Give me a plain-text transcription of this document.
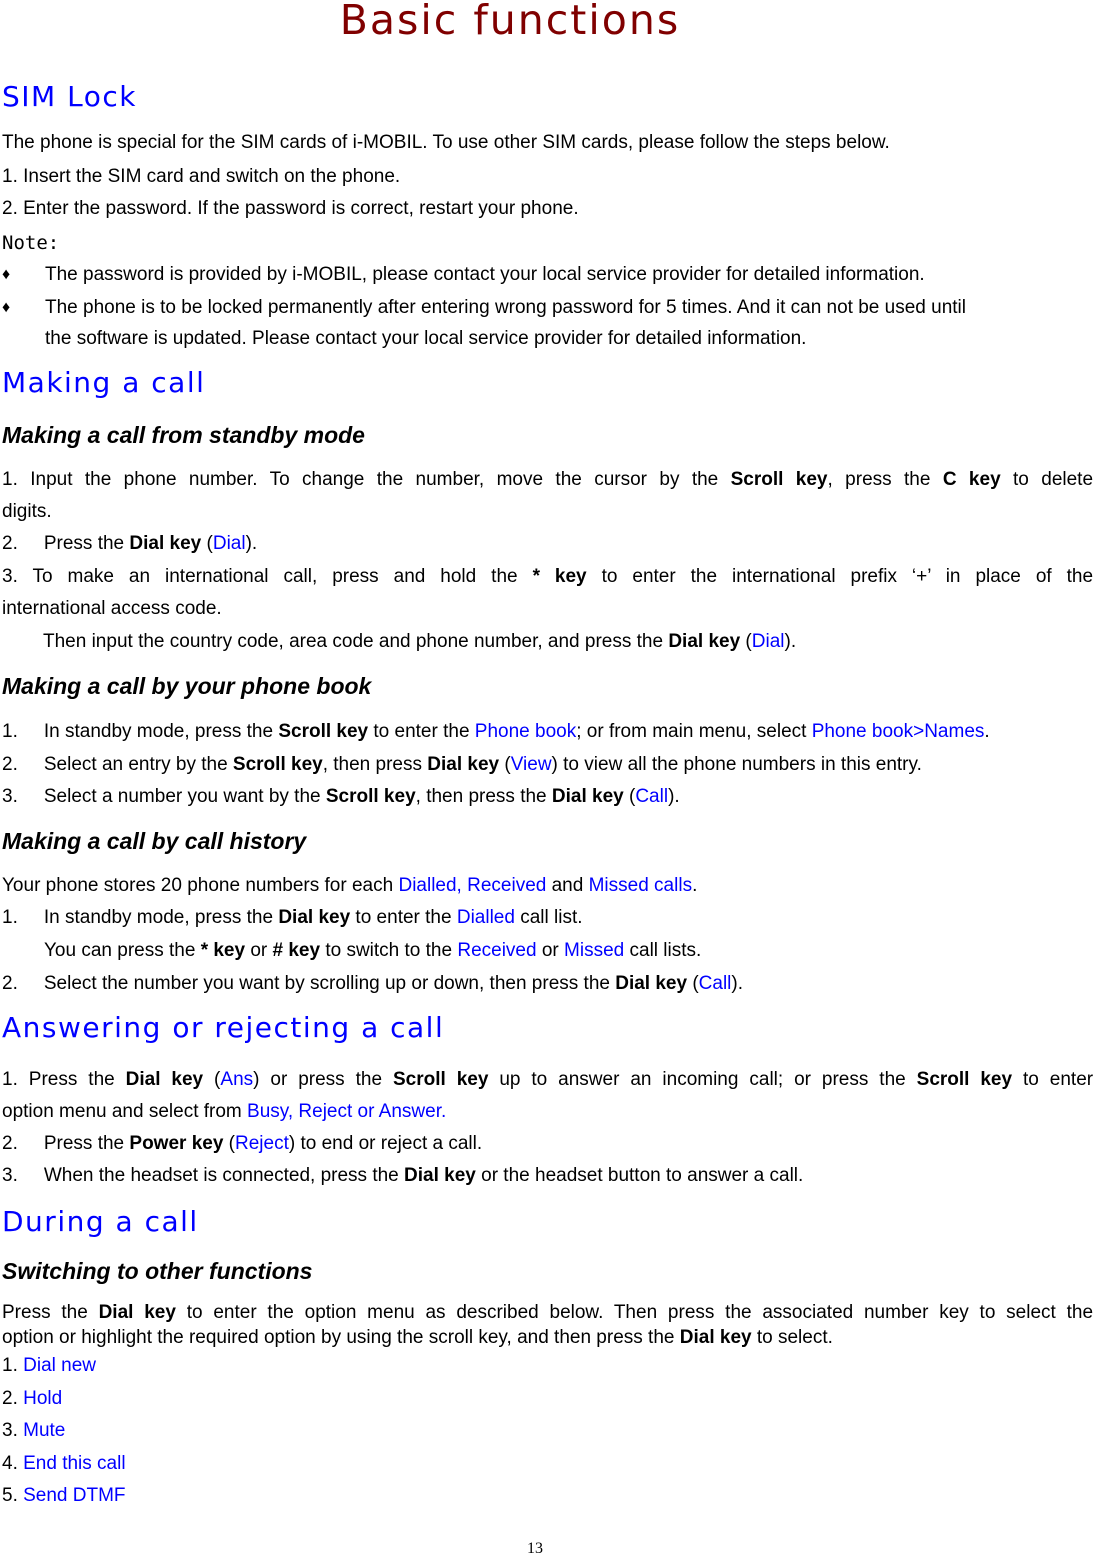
Basic functions
SIM Lock
The phone is special for the SIM cards of i-MOBIL. To use other SIM cards, please follow the steps below.
1. Insert the SIM card and switch on the phone.
2. Enter the password. If the password is correct, restart your phone.
Note:
♦ The password is provided by i-MOBIL, please contact your local service provider for detailed information.
♦ The phone is to be locked permanently after entering wrong password for 5 times. And it can not be used until
the software is updated. Please contact your local service provider for detailed information.
Making a call
Making a call from standby mode
1. Input the phone number. To change the number, move the cursor by the Scroll key, press the C key to delete
digits.
2. Press the Dial key (Dial).
3. To make an international call, press and hold the * key to enter the international prefix ‘+’ in place of the
international access code.
Then input the country code, area code and phone number, and press the Dial key (Dial).
Making a call by your phone book
1. In standby mode, press the Scroll key to enter the Phone book; or from main menu, select Phone book>Names.
2. Select an entry by the Scroll key, then press Dial key (View) to view all the phone numbers in this entry.
3. Select a number you want by the Scroll key, then press the Dial key (Call).
Making a call by call history
Your phone stores 20 phone numbers for each Dialled, Received and Missed calls.
1. In standby mode, press the Dial key to enter the Dialled call list.
You can press the * key or # key to switch to the Received or Missed call lists.
2. Select the number you want by scrolling up or down, then press the Dial key (Call).
Answering or rejecting a call
1. Press the Dial key (Ans) or press the Scroll key up to answer an incoming call; or press the Scroll key to enter
option menu and select from Busy, Reject or Answer.
2. Press the Power key (Reject) to end or reject a call.
3. When the headset is connected, press the Dial key or the headset button to answer a call.
During a call
Switching to other functions
Press the Dial key to enter the option menu as described below. Then press the associated number key to select the
option or highlight the required option by using the scroll key, and then press the Dial key to select.
1. Dial new
2. Hold
3. Mute
4. End this call
5. Send DTMF
13
